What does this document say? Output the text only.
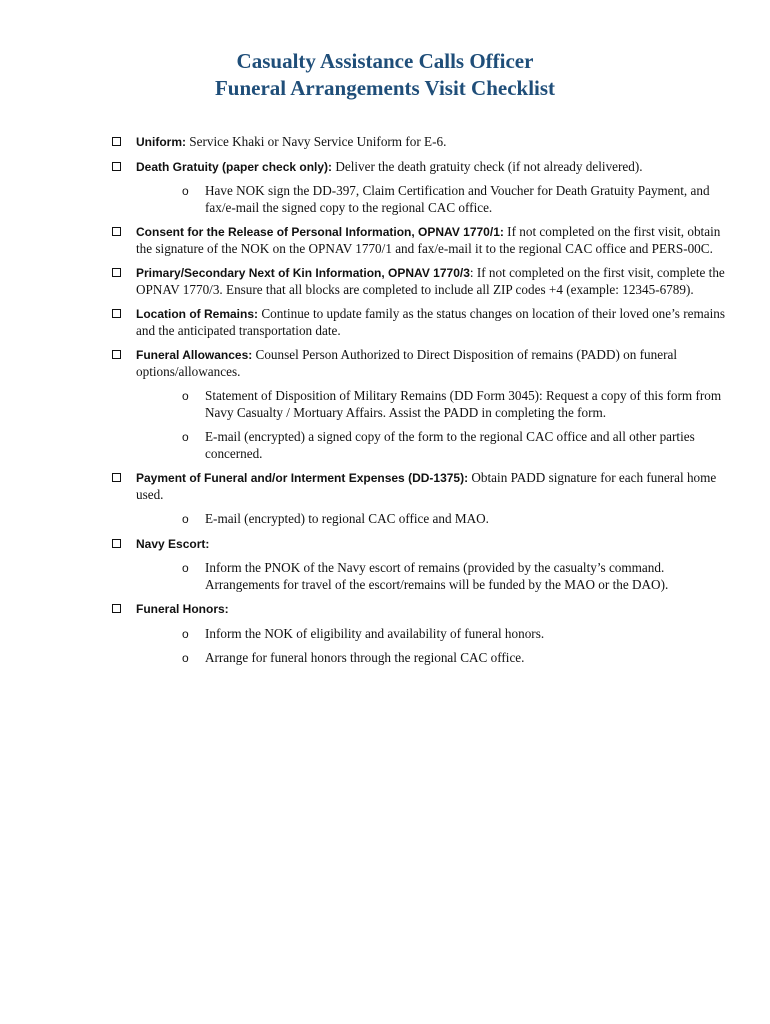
Casualty Assistance Calls Officer
Funeral Arrangements Visit Checklist
Uniform: Service Khaki or Navy Service Uniform for E-6.
Death Gratuity (paper check only): Deliver the death gratuity check (if not already delivered).
o Have NOK sign the DD-397, Claim Certification and Voucher for Death Gratuity Payment, and fax/e-mail the signed copy to the regional CAC office.
Consent for the Release of Personal Information, OPNAV 1770/1: If not completed on the first visit, obtain the signature of the NOK on the OPNAV 1770/1 and fax/e-mail it to the regional CAC office and PERS-00C.
Primary/Secondary Next of Kin Information, OPNAV 1770/3: If not completed on the first visit, complete the OPNAV 1770/3. Ensure that all blocks are completed to include all ZIP codes +4 (example: 12345-6789).
Location of Remains: Continue to update family as the status changes on location of their loved one’s remains and the anticipated transportation date.
Funeral Allowances: Counsel Person Authorized to Direct Disposition of remains (PADD) on funeral options/allowances.
o Statement of Disposition of Military Remains (DD Form 3045): Request a copy of this form from Navy Casualty / Mortuary Affairs. Assist the PADD in completing the form.
o E-mail (encrypted) a signed copy of the form to the regional CAC office and all other parties concerned.
Payment of Funeral and/or Interment Expenses (DD-1375): Obtain PADD signature for each funeral home used.
o E-mail (encrypted) to regional CAC office and MAO.
Navy Escort:
o Inform the PNOK of the Navy escort of remains (provided by the casualty’s command. Arrangements for travel of the escort/remains will be funded by the MAO or the DAO).
Funeral Honors:
o Inform the NOK of eligibility and availability of funeral honors.
o Arrange for funeral honors through the regional CAC office.
